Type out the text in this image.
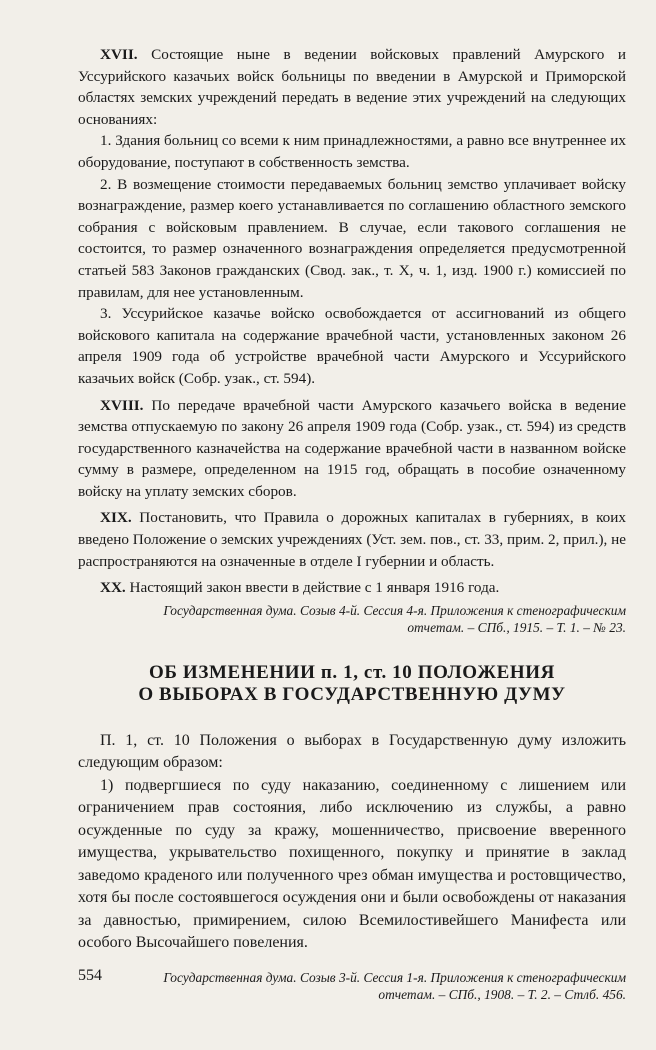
XVII. Состоящие ныне в ведении войсковых правлений Амурского и Уссурийского казачьих войск больницы по введении в Амурской и Приморской областях земских учреждений передать в ведение этих учреждений на следующих основаниях:

1. Здания больниц со всеми к ним принадлежностями, а равно все внутреннее их оборудование, поступают в собственность земства.

2. В возмещение стоимости передаваемых больниц земство уплачивает войску вознаграждение, размер коего устанавливается по соглашению областного земского собрания с войсковым правлением. В случае, если такового соглашения не состоится, то размер означенного вознаграждения определяется предусмотренной статьей 583 Законов гражданских (Свод. зак., т. X, ч. 1, изд. 1900 г.) комиссией по правилам, для нее установленным.

3. Уссурийское казачье войско освобождается от ассигнований из общего войскового капитала на содержание врачебной части, установленных законом 26 апреля 1909 года об устройстве врачебной части Амурского и Уссурийского казачьих войск (Собр. узак., ст. 594).

XVIII. По передаче врачебной части Амурского казачьего войска в ведение земства отпускаемую по закону 26 апреля 1909 года (Собр. узак., ст. 594) из средств государственного казначейства на содержание врачебной части в названном войске сумму в размере, определенном на 1915 год, обращать в пособие означенному войску на уплату земских сборов.

XIX. Постановить, что Правила о дорожных капиталах в губерниях, в коих введено Положение о земских учреждениях (Уст. зем. пов., ст. 33, прим. 2, прил.), не распространяются на означенные в отделе I губернии и область.

XX. Настоящий закон ввести в действие с 1 января 1916 года.

Государственная дума. Созыв 4-й. Сессия 4-я. Приложения к стенографическим
отчетам. – СПб., 1915. – Т. 1. – № 23.
ОБ ИЗМЕНЕНИИ п. 1, ст. 10 ПОЛОЖЕНИЯ
О ВЫБОРАХ В ГОСУДАРСТВЕННУЮ ДУМУ

П. 1, ст. 10 Положения о выборах в Государственную думу изложить следующим образом:

1) подвергшиеся по суду наказанию, соединенному с лишением или ограничением прав состояния, либо исключению из службы, а равно осужденные по суду за кражу, мошенничество, присвоение вверенного имущества, укрывательство похищенного, покупку и принятие в заклад заведомо краденого или полученного чрез обман имущества и ростовщичество, хотя бы после состоявшегося осуждения они и были освобождены от наказания за давностью, примирением, силою Всемилостивейшего Манифеста или особого Высочайшего повеления.

Государственная дума. Созыв 3-й. Сессия 1-я. Приложения к стенографическим
отчетам. – СПб., 1908. – Т. 2. – Стлб. 456.
554
